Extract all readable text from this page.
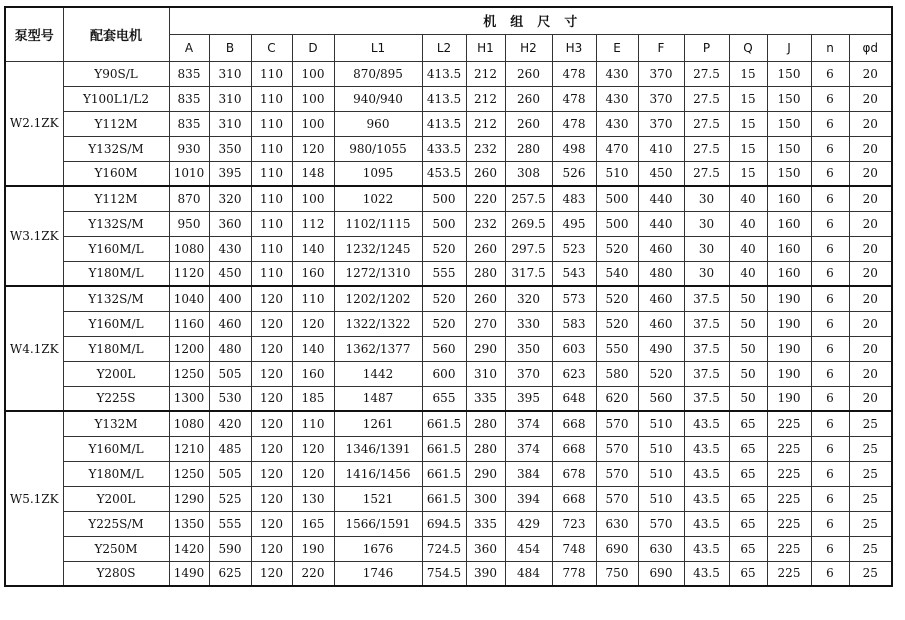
泵型号	配套电机	机组尺寸															
		A	B	C	D	L1	L2	H1	H2	H3	E	F	P	Q	J	n	φd
W2.1ZK	Y90S/L	835	310	110	100	870/895	413.5	212	260	478	430	370	27.5	15	150	6	20
	Y100L1/L2	835	310	110	100	940/940	413.5	212	260	478	430	370	27.5	15	150	6	20
	Y112M	835	310	110	100	960	413.5	212	260	478	430	370	27.5	15	150	6	20
	Y132S/M	930	350	110	120	980/1055	433.5	232	280	498	470	410	27.5	15	150	6	20
	Y160M	1010	395	110	148	1095	453.5	260	308	526	510	450	27.5	15	150	6	20
W3.1ZK	Y112M	870	320	110	100	1022	500	220	257.5	483	500	440	30	40	160	6	20
	Y132S/M	950	360	110	112	1102/1115	500	232	269.5	495	500	440	30	40	160	6	20
	Y160M/L	1080	430	110	140	1232/1245	520	260	297.5	523	520	460	30	40	160	6	20
	Y180M/L	1120	450	110	160	1272/1310	555	280	317.5	543	540	480	30	40	160	6	20
W4.1ZK	Y132S/M	1040	400	120	110	1202/1202	520	260	320	573	520	460	37.5	50	190	6	20
	Y160M/L	1160	460	120	120	1322/1322	520	270	330	583	520	460	37.5	50	190	6	20
	Y180M/L	1200	480	120	140	1362/1377	560	290	350	603	550	490	37.5	50	190	6	20
	Y200L	1250	505	120	160	1442	600	310	370	623	580	520	37.5	50	190	6	20
	Y225S	1300	530	120	185	1487	655	335	395	648	620	560	37.5	50	190	6	20
W5.1ZK	Y132M	1080	420	120	110	1261	661.5	280	374	668	570	510	43.5	65	225	6	25
	Y160M/L	1210	485	120	120	1346/1391	661.5	280	374	668	570	510	43.5	65	225	6	25
	Y180M/L	1250	505	120	120	1416/1456	661.5	290	384	678	570	510	43.5	65	225	6	25
	Y200L	1290	525	120	130	1521	661.5	300	394	668	570	510	43.5	65	225	6	25
	Y225S/M	1350	555	120	165	1566/1591	694.5	335	429	723	630	570	43.5	65	225	6	25
	Y250M	1420	590	120	190	1676	724.5	360	454	748	690	630	43.5	65	225	6	25
	Y280S	1490	625	120	220	1746	754.5	390	484	778	750	690	43.5	65	225	6	25
